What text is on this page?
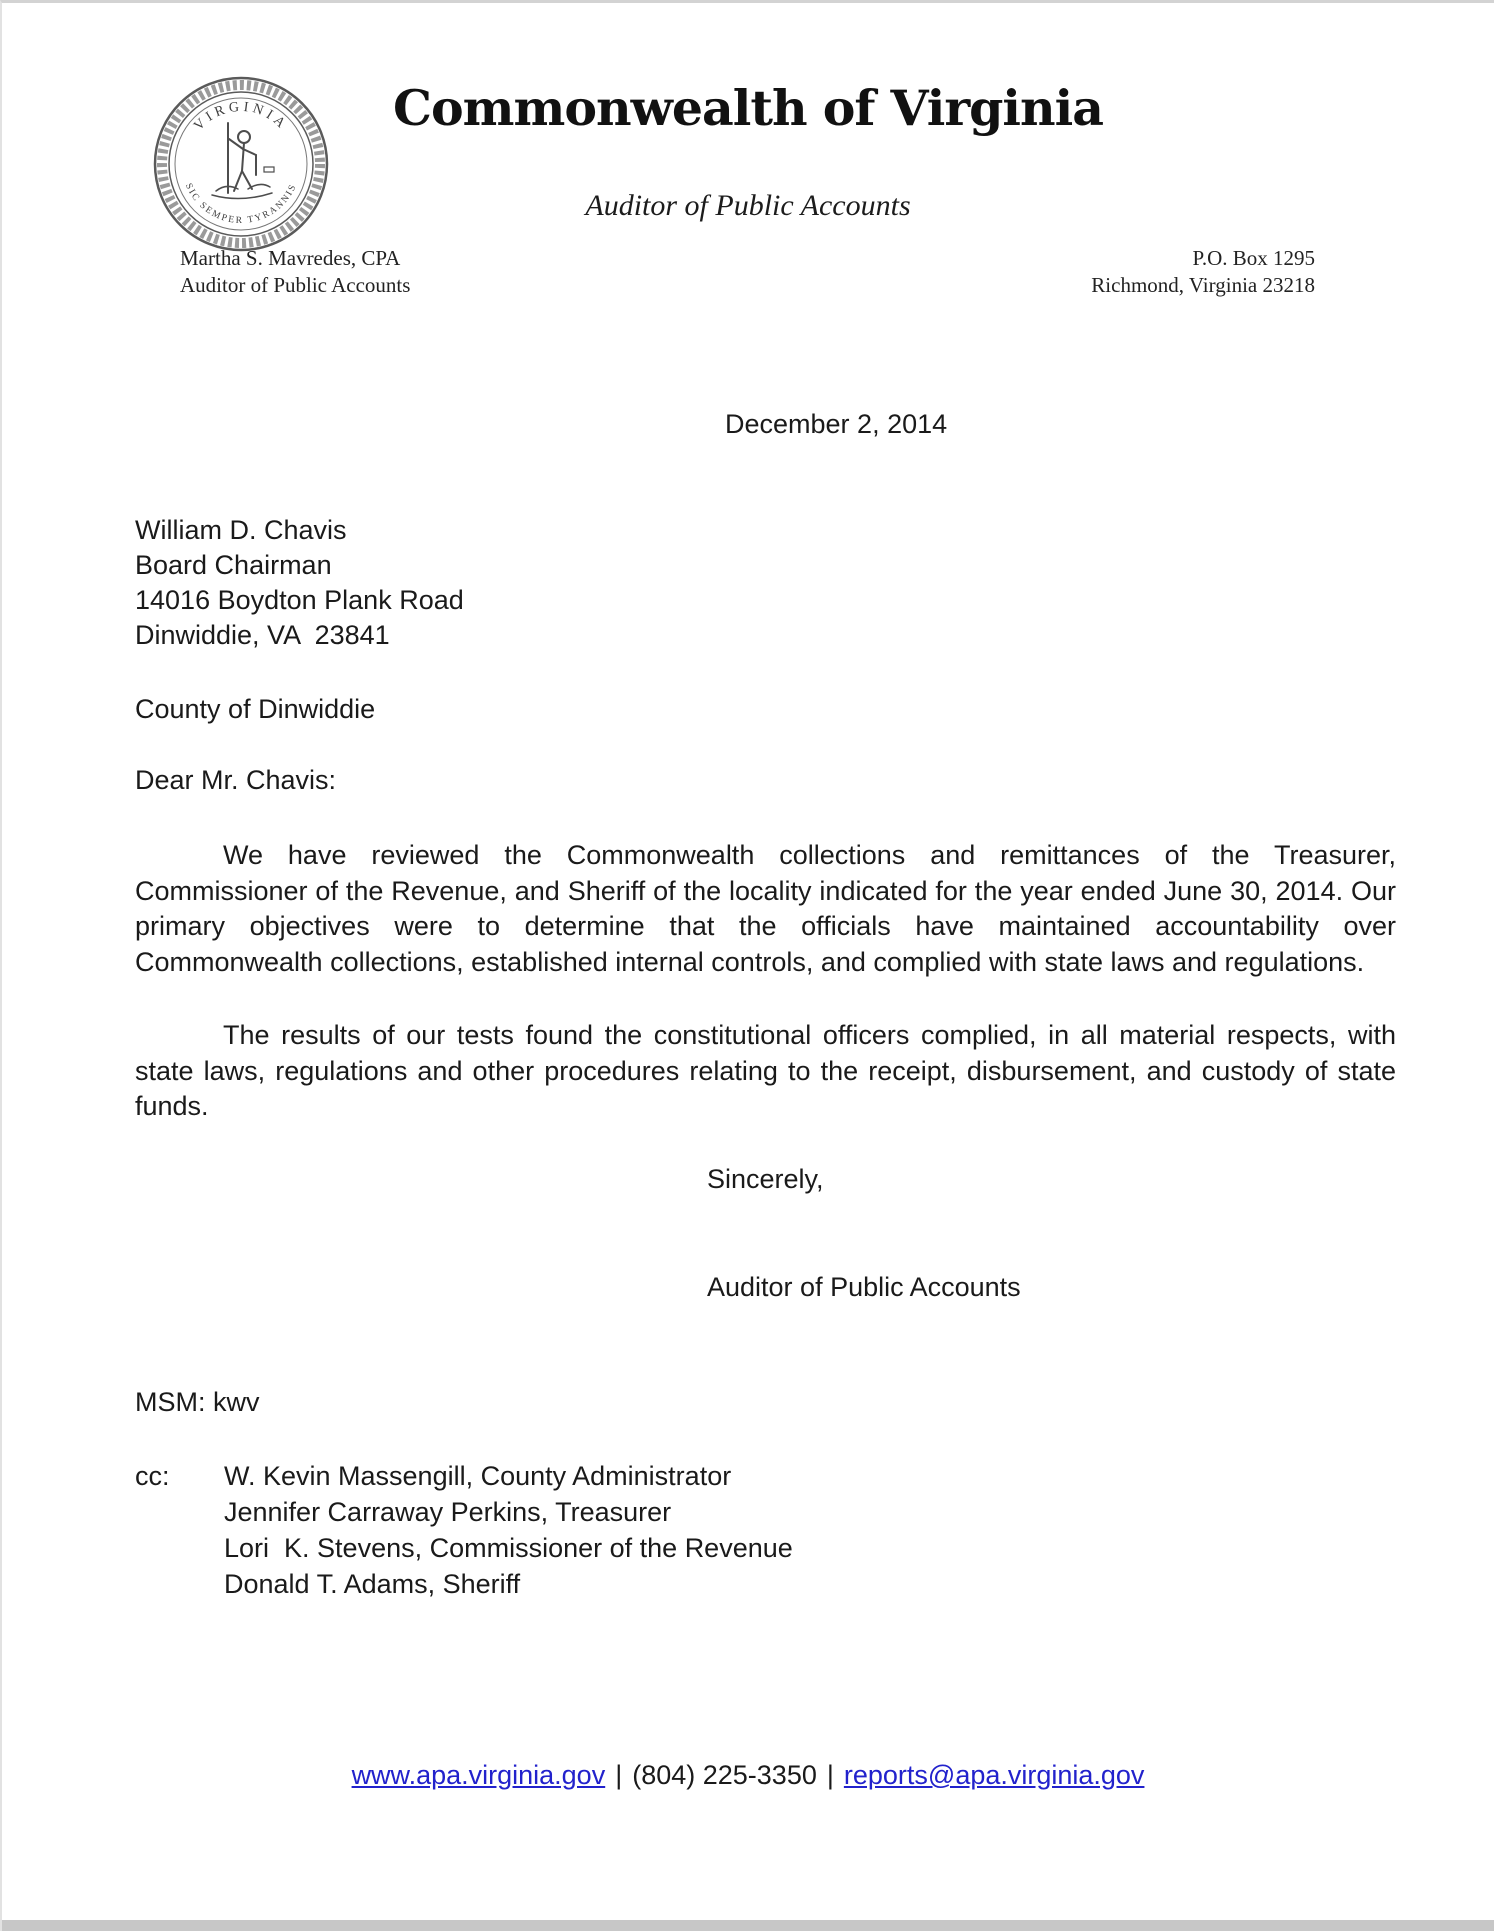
VIRGINIA
SIC SEMPER TYRANNIS
Commonwealth of Virginia
Auditor of Public Accounts
Martha S. Mavredes, CPA
Auditor of Public Accounts
P.O. Box 1295
Richmond, Virginia 23218
December 2, 2014
William D. Chavis
Board Chairman
14016 Boydton Plank Road
Dinwiddie, VA  23841
County of Dinwiddie
Dear Mr. Chavis:

We have reviewed the Commonwealth collections and remittances of the Treasurer, Commissioner of the Revenue, and Sheriff of the locality indicated for the year ended June 30, 2014. Our primary objectives were to determine that the officials have maintained accountability over Commonwealth collections, established internal controls, and complied with state laws and regulations.

The results of our tests found the constitutional officers complied, in all material respects, with state laws, regulations and other procedures relating to the receipt, disbursement, and custody of state funds.

Sincerely,
Auditor of Public Accounts
MSM: kwv
cc:	W. Kevin Massengill, County Administrator
Jennifer Carraway Perkins, Treasurer
Lori  K. Stevens, Commissioner of the Revenue
Donald T. Adams, Sheriff
www.apa.virginia.gov | (804) 225-3350 | reports@apa.virginia.gov
